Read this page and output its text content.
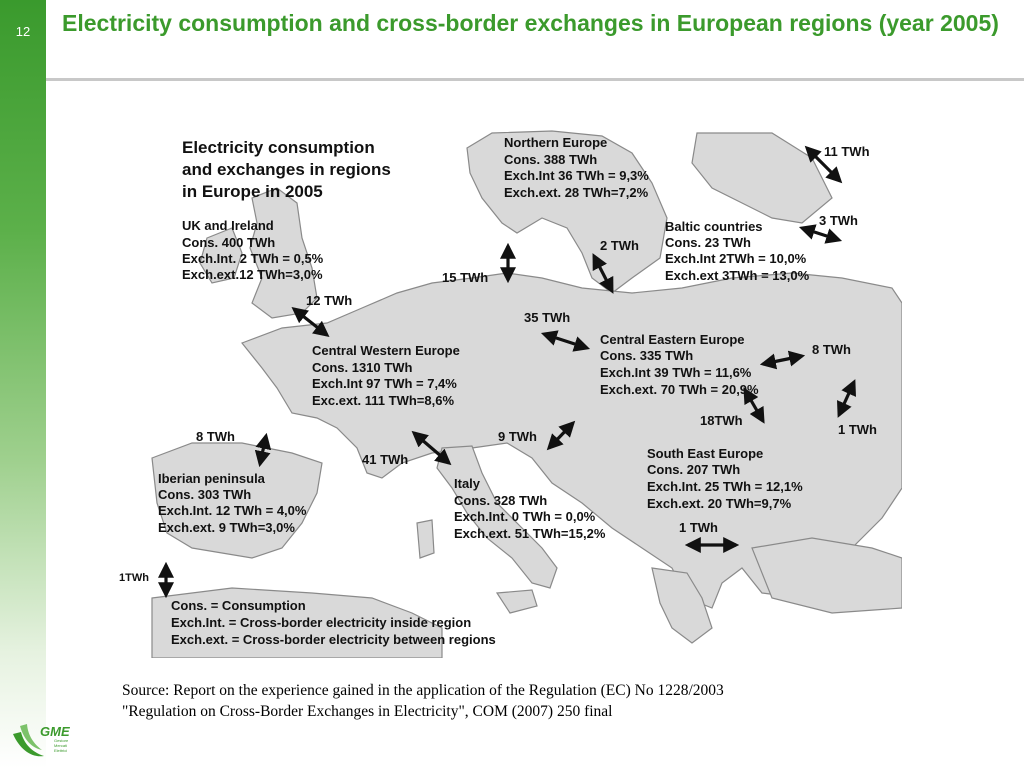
12	Electricity consumption and cross-border exchanges in European regions (year 2005)
Electricity consumption
and exchanges in regions
in Europe in 2005
UK and Ireland
Cons. 400 TWh
Exch.Int. 2 TWh = 0,5%
Exch.ext.12 TWh=3,0%
Northern Europe
Cons. 388 TWh
Exch.Int 36 TWh = 9,3%
Exch.ext. 28 TWh=7,2%
Baltic countries
Cons. 23 TWh
Exch.Int 2TWh = 10,0%
Exch.ext 3TWh = 13,0%
Central Western Europe
Cons. 1310 TWh
Exch.Int 97 TWh = 7,4%
Exc.ext. 111 TWh=8,6%
Central Eastern Europe
Cons. 335 TWh
Exch.Int 39 TWh = 11,6%
Exch.ext. 70 TWh = 20,9%
Iberian peninsula
Cons. 303 TWh
Exch.Int. 12 TWh = 4,0%
Exch.ext. 9 TWh=3,0%
Italy
Cons. 328 TWh
Exch.Int. 0 TWh = 0,0%
Exch.ext. 51 TWh=15,2%
South East Europe
Cons. 207 TWh
Exch.Int. 25 TWh = 12,1%
Exch.ext. 20 TWh=9,7%
11 TWh
3 TWh
2 TWh
15 TWh
12 TWh
35 TWh
8 TWh
1 TWh
18TWh
8 TWh
41 TWh
9 TWh
1 TWh
1TWh
Cons. = Consumption
Exch.Int. = Cross-border electricity inside region
Exch.ext. = Cross-border electricity between regions
Source: Report on the experience gained in the application of the Regulation (EC) No 1228/2003
"Regulation on Cross-Border Exchanges in Electricity", COM (2007) 250 final
GME
Gestore
Mercati
Elettrici
